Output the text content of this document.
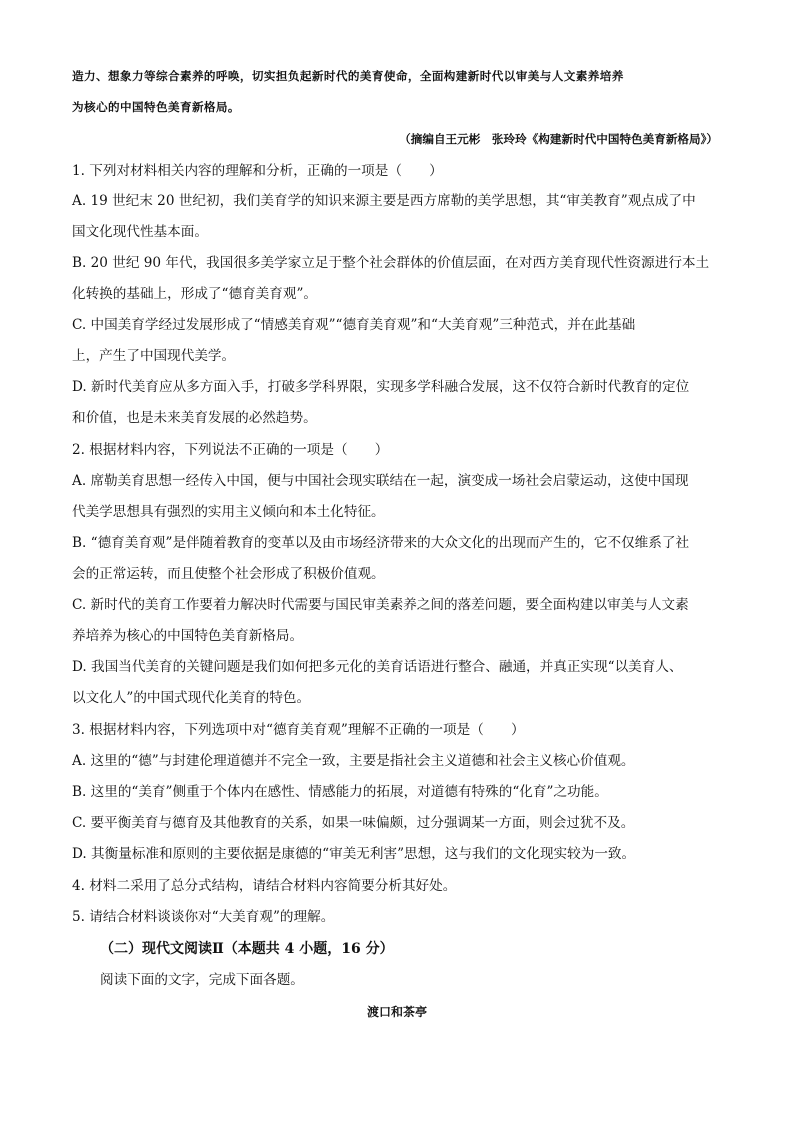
造力、想象力等综合素养的呼唤，切实担负起新时代的美育使命，全面构建新时代以审美与人文素养培养
为核心的中国特色美育新格局。
（摘编自王元彬　张玲玲《构建新时代中国特色美育新格局》）
1. 下列对材料相关内容的理解和分析，正确的一项是（　　）
A. 19 世纪末 20 世纪初，我们美育学的知识来源主要是西方席勒的美学思想，其“审美教育”观点成了中
国文化现代性基本面。
B. 20 世纪 90 年代，我国很多美学家立足于整个社会群体的价值层面，在对西方美育现代性资源进行本土
化转换的基础上，形成了“德育美育观”。
C. 中国美育学经过发展形成了“情感美育观”“德育美育观”和“大美育观”三种范式，并在此基础
上，产生了中国现代美学。
D. 新时代美育应从多方面入手，打破多学科界限，实现多学科融合发展，这不仅符合新时代教育的定位
和价值，也是未来美育发展的必然趋势。
2. 根据材料内容，下列说法不正确的一项是（　　）
A. 席勒美育思想一经传入中国，便与中国社会现实联结在一起，演变成一场社会启蒙运动，这使中国现
代美学思想具有强烈的实用主义倾向和本土化特征。
B. “德育美育观”是伴随着教育的变革以及由市场经济带来的大众文化的出现而产生的，它不仅维系了社
会的正常运转，而且使整个社会形成了积极价值观。
C. 新时代的美育工作要着力解决时代需要与国民审美素养之间的落差问题，要全面构建以审美与人文素
养培养为核心的中国特色美育新格局。
D. 我国当代美育的关键问题是我们如何把多元化的美育话语进行整合、融通，并真正实现“以美育人、
以文化人”的中国式现代化美育的特色。
3. 根据材料内容，下列选项中对“德育美育观”理解不正确的一项是（　　）
A. 这里的“德”与封建伦理道德并不完全一致，主要是指社会主义道德和社会主义核心价值观。
B. 这里的“美育”侧重于个体内在感性、情感能力的拓展，对道德有特殊的“化育”之功能。
C. 要平衡美育与德育及其他教育的关系，如果一味偏颇，过分强调某一方面，则会过犹不及。
D. 其衡量标准和原则的主要依据是康德的“审美无利害”思想，这与我们的文化现实较为一致。
4. 材料二采用了总分式结构，请结合材料内容简要分析其好处。
5. 请结合材料谈谈你对“大美育观”的理解。
（二）现代文阅读Ⅱ（本题共 4 小题，16 分）
阅读下面的文字，完成下面各题。
渡口和茶亭
